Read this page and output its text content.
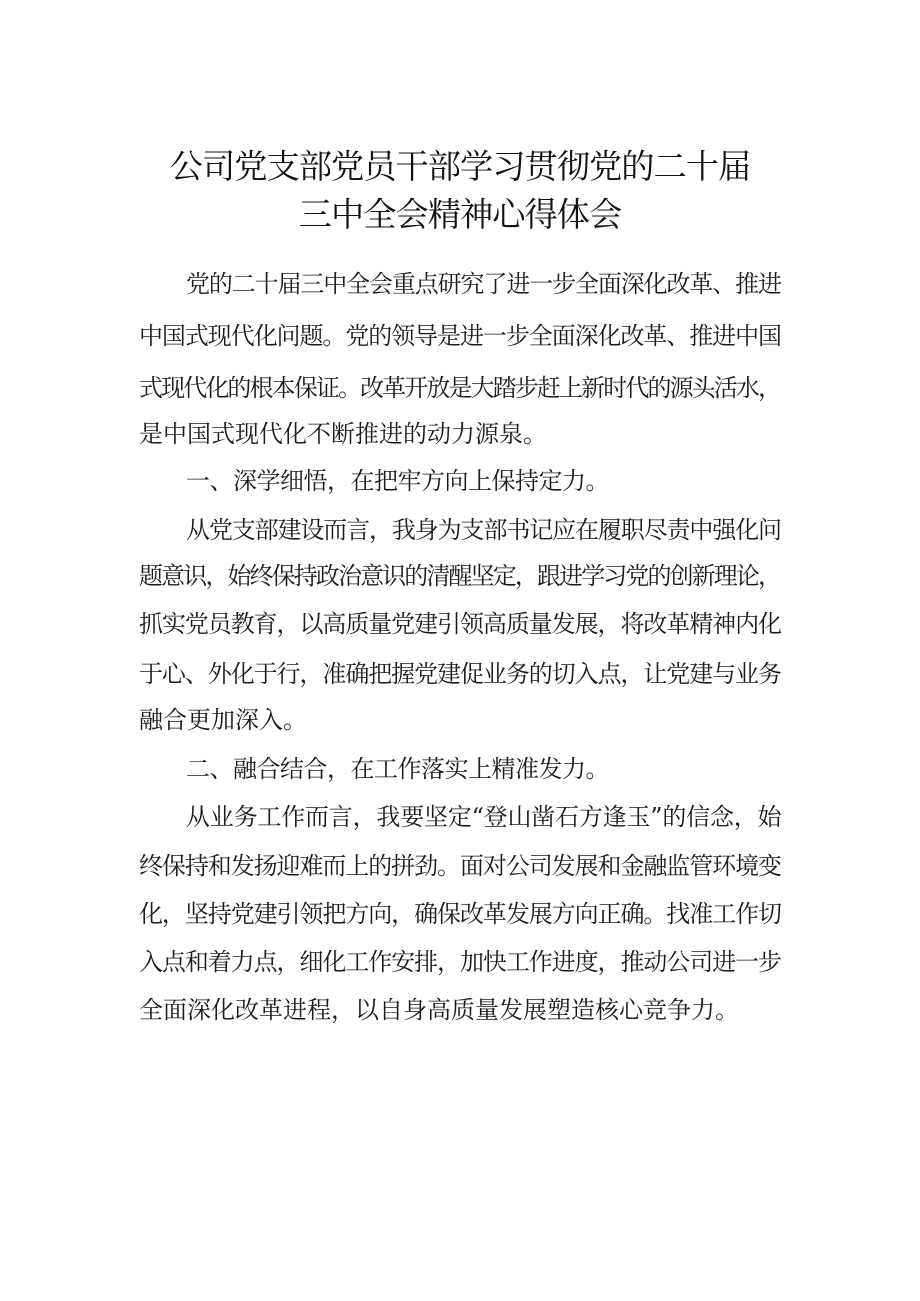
公司党支部党员干部学习贯彻党的二十届
三中全会精神心得体会
党的二十届三中全会重点研究了进一步全面深化改革、推进
中国式现代化问题。党的领导是进一步全面深化改革、推进中国
式现代化的根本保证。改革开放是大踏步赶上新时代的源头活水，
是中国式现代化不断推进的动力源泉。
一、深学细悟，在把牢方向上保持定力。
从党支部建设而言，我身为支部书记应在履职尽责中强化问
题意识，始终保持政治意识的清醒坚定，跟进学习党的创新理论，
抓实党员教育，以高质量党建引领高质量发展，将改革精神内化
于心、外化于行，准确把握党建促业务的切入点，让党建与业务
融合更加深入。
二、融合结合，在工作落实上精准发力。
从业务工作而言，我要坚定“登山凿石方逢玉”的信念，始
终保持和发扬迎难而上的拼劲。面对公司发展和金融监管环境变
化，坚持党建引领把方向，确保改革发展方向正确。找准工作切
入点和着力点，细化工作安排，加快工作进度，推动公司进一步
全面深化改革进程，以自身高质量发展塑造核心竞争力。
